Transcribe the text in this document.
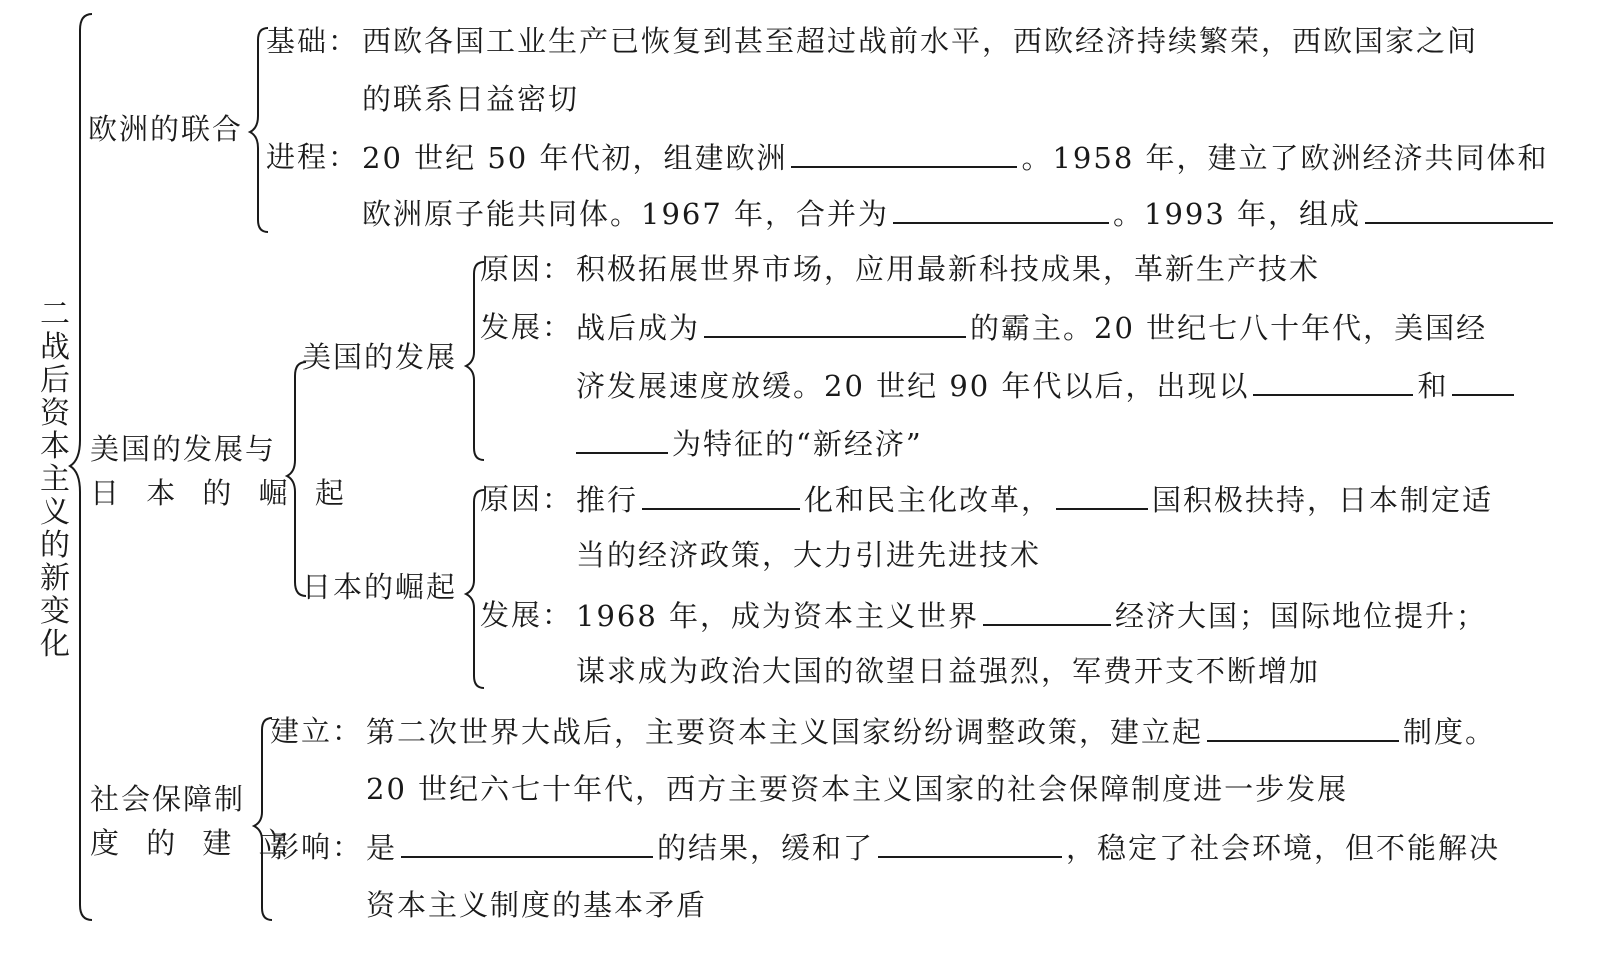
二战后资本主义的新变化
欧洲的联合
基础： 西欧各国工业生产已恢复到甚至超过战前水平，西欧经济持续繁荣，西欧国家之间
的联系日益密切
进程： 20 世纪 50 年代初，组建欧洲	。1958 年，建立了欧洲经济共同体和
欧洲原子能共同体。1967 年，合并为	。1993 年，组成
美国的发展与
日 本 的 崛 起
美国的发展
原因： 积极拓展世界市场，应用最新科技成果，革新生产技术
发展： 战后成为	的霸主。20 世纪七八十年代，美国经
济发展速度放缓。20 世纪 90 年代以后，出现以	和
为特征的“新经济”
日本的崛起
原因： 推行	化和民主化改革，	国积极扶持，日本制定适
当的经济政策，大力引进先进技术
发展： 1968 年，成为资本主义世界	经济大国；国际地位提升；
谋求成为政治大国的欲望日益强烈，军费开支不断增加
社会保障制
度 的 建 立
建立： 第二次世界大战后，主要资本主义国家纷纷调整政策，建立起	制度。
20 世纪六七十年代，西方主要资本主义国家的社会保障制度进一步发展
影响： 是	的结果，缓和了	，稳定了社会环境，但不能解决
资本主义制度的基本矛盾
